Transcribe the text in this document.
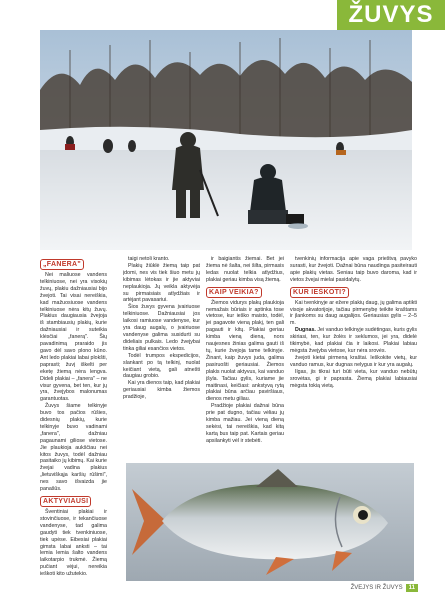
ŽUVYS
„FANERA"

Nei maliuose vandens telkiniuose, nei yra visokių žuvų, plakiu dažniausiai bijo žvejoti. Tai visai nereiškia, kad mažuosiuose vandens telkiniuose nėra kitų žuvų. Plakius daugiausia žvejoja iš stambiausių plakių, kurie dažniausiai ir suteikia klėsčiai „fanerą". Šių pavadinimą praraido jis gavo dėl savo plono kūno. Ant ledo plakiai labai plokšti, paprasti; žuvį iškelti per eketę žiemą nėra lengva. Dideli plakiai – „fanera" – ne visur gyvena, bet ten, kur jų yra, žvejybos malonumas garantuotas.

Žuvys šiame telkinyje buvo tos pačios rūšies, didesnių plakių, kurie telkinyje buvo vadinami „fanera", dažniau pagaunami giliose vietose. Jie plaukioja aukščiau nei kitos žuvys, todėl dažniau pasitaiko jų kibimų. Kai kurie žvejai vadina plakius „lietuviškąja karšių rūšimi", nes savo išvaizda jie panašūs.

AKTYVIAUSI

Šventiniai plakiai ir stovinčiuose, ir tekančiuose vandenyse, tad galima gaudyti tiek tvenkiniuose, tiek upėse. Eibesiai plakiai gimsta labai anksti – tai lemia lemia šalto vandens laikotarpio trukmė. Žiemą pučiant vėjui, nereikia ieškoti kito užutekio.

taigi netoli kranto.

Plakių žiūklė žiemą taip pat įdomi, nes vis tiek šiuo metu jų kibimas lėtokas ir jie aktyviai neplaukioja. Jų veikla aktyvėja su pirmaisiais atlydžiais ir artėjant pavasariui.

Šios žuvys gyvena įvairiuose telkiniuose. Dažniausiai jos laikosi ramiuose vandenyse, kur yra daug augalų, o įvairiuose vandenyse galima susidurti su dideliais pulkais. Ledo žvejybai tinka giliai esančios vietos.

Todėl trumpos ekspedicijos, slankant po tą telkinį, nuolat keičiant vietą, gali atnešti daugiau grobio.

Kai yra dienos taip, kad plakiai geriausiai kimba žiemos pradžioje,

ir baigiantis žiemai. Bet jei žiema nė šalta, nei šilta, pirmasis ledas nuolat telkia atlydžius, plakiai geriau kimba visą žiemą.

KAIP VEIKIA?

Žiemos vidurys plakų plaukioja nemažais būriais ir aptinka tose vietose, kur ieško maisto, todėl, jei pagavote vieną plakį, ten gali pagauti ir kitų. Plakiai geriau kimba vieną dieną, nors naujesnes žinias galima gauti iš tų, kurie žvejoja tame telkinyje. Žinant, kaip žuvys juda, galima pasiruošti geriausiai. Žiemos plakis nuolat aktyvus, kai vanduo įšyla. Tačiau gylis, kuriame jie maitinasi, keičiasi: ankstyvą rytą plakiai būna arčiau paviršiaus, dienos metu giliau.

Pradžioje plakiai dažnai būna prie pat dugno, tačiau vėliau jų kimba mažiau. Jei vieną dieną sekėsi, tai nereiškia, kad kitą kartą bus taip pat. Kartais geriau apsilankyti vėl ir stebėti.

tvenkinių informacija apie vaga prieštvą pavyko surasti, kur žvejoti. Dažnai būna naudinga pasiteirauti apie plakių vietas. Seniau taip buvo daroma, kad ir vietos žvejai mielai pasidalytų.

KUR IEŠKOTI?

Kai tvenkinyje ar ežere plakių daug, jų galima aptikti visoje akvatorijoje, tačiau pirmenybę teikite kraštams ir įlankoms su daug augalijos. Geriausias gylis – 2–5 m.

Dugnas. Jei vanduo telkinyje sudėtingas, kuris gylis skiriasi, ten, kur žolės ir seklumos, jei yra, didelė tikimybė, kad plakiai čia ir laikosi. Plakiai labiau mėgsta žvejyba vietose, kur nėra srovės.

žvejoti kietai pirmeną kraštai. Ieškokite vietų, kur vanduo ramus, kur dugnas nelygus ir kur yra augalų.

Ilgas, jis tikrai turi būti vieta, kur vanduo nebūtų srovėtas, gi ir paprasta. Žiemą plakiai labiausiai mėgsta tokią vietą.

ŽVEJYS IR ŽUVYS	11
